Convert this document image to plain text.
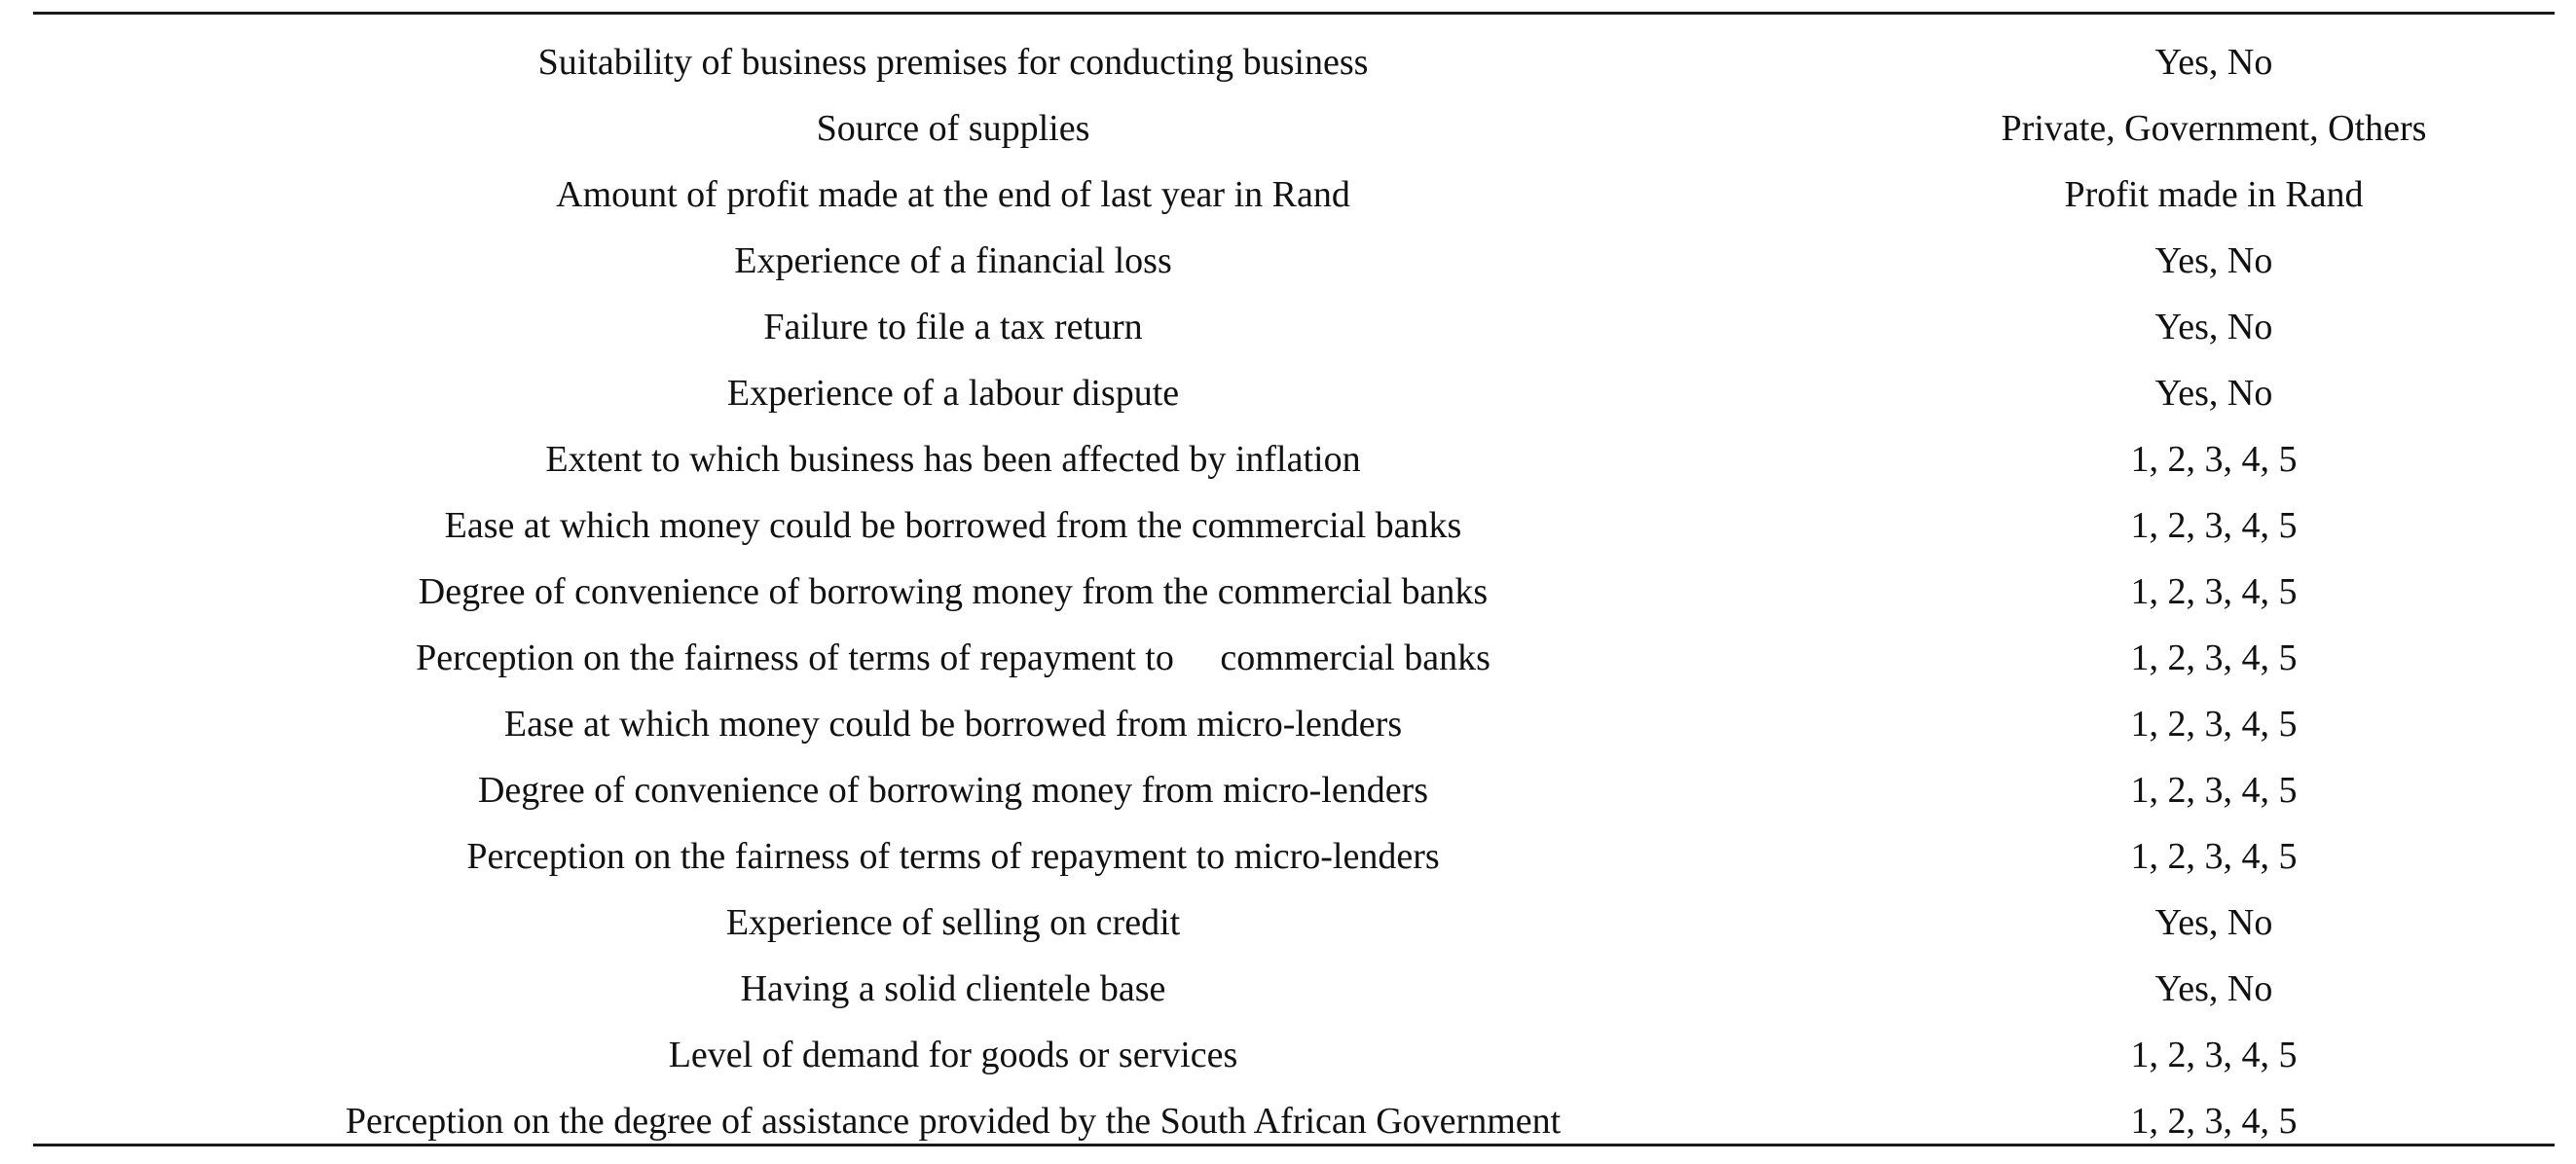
Suitability of business premises for conducting business	Yes, No
Source of supplies	Private, Government, Others
Amount of profit made at the end of last year in Rand	Profit made in Rand
Experience of a financial loss	Yes, No
Failure to file a tax return	Yes, No
Experience of a labour dispute	Yes, No
Extent to which business has been affected by inflation	1, 2, 3, 4, 5
Ease at which money could be borrowed from the commercial banks	1, 2, 3, 4, 5
Degree of convenience of borrowing money from the commercial banks	1, 2, 3, 4, 5
Perception on the fairness of terms of repayment to     commercial banks	1, 2, 3, 4, 5
Ease at which money could be borrowed from micro-lenders	1, 2, 3, 4, 5
Degree of convenience of borrowing money from micro-lenders	1, 2, 3, 4, 5
Perception on the fairness of terms of repayment to micro-lenders	1, 2, 3, 4, 5
Experience of selling on credit	Yes, No
Having a solid clientele base	Yes, No
Level of demand for goods or services	1, 2, 3, 4, 5
Perception on the degree of assistance provided by the South African Government	1, 2, 3, 4, 5
